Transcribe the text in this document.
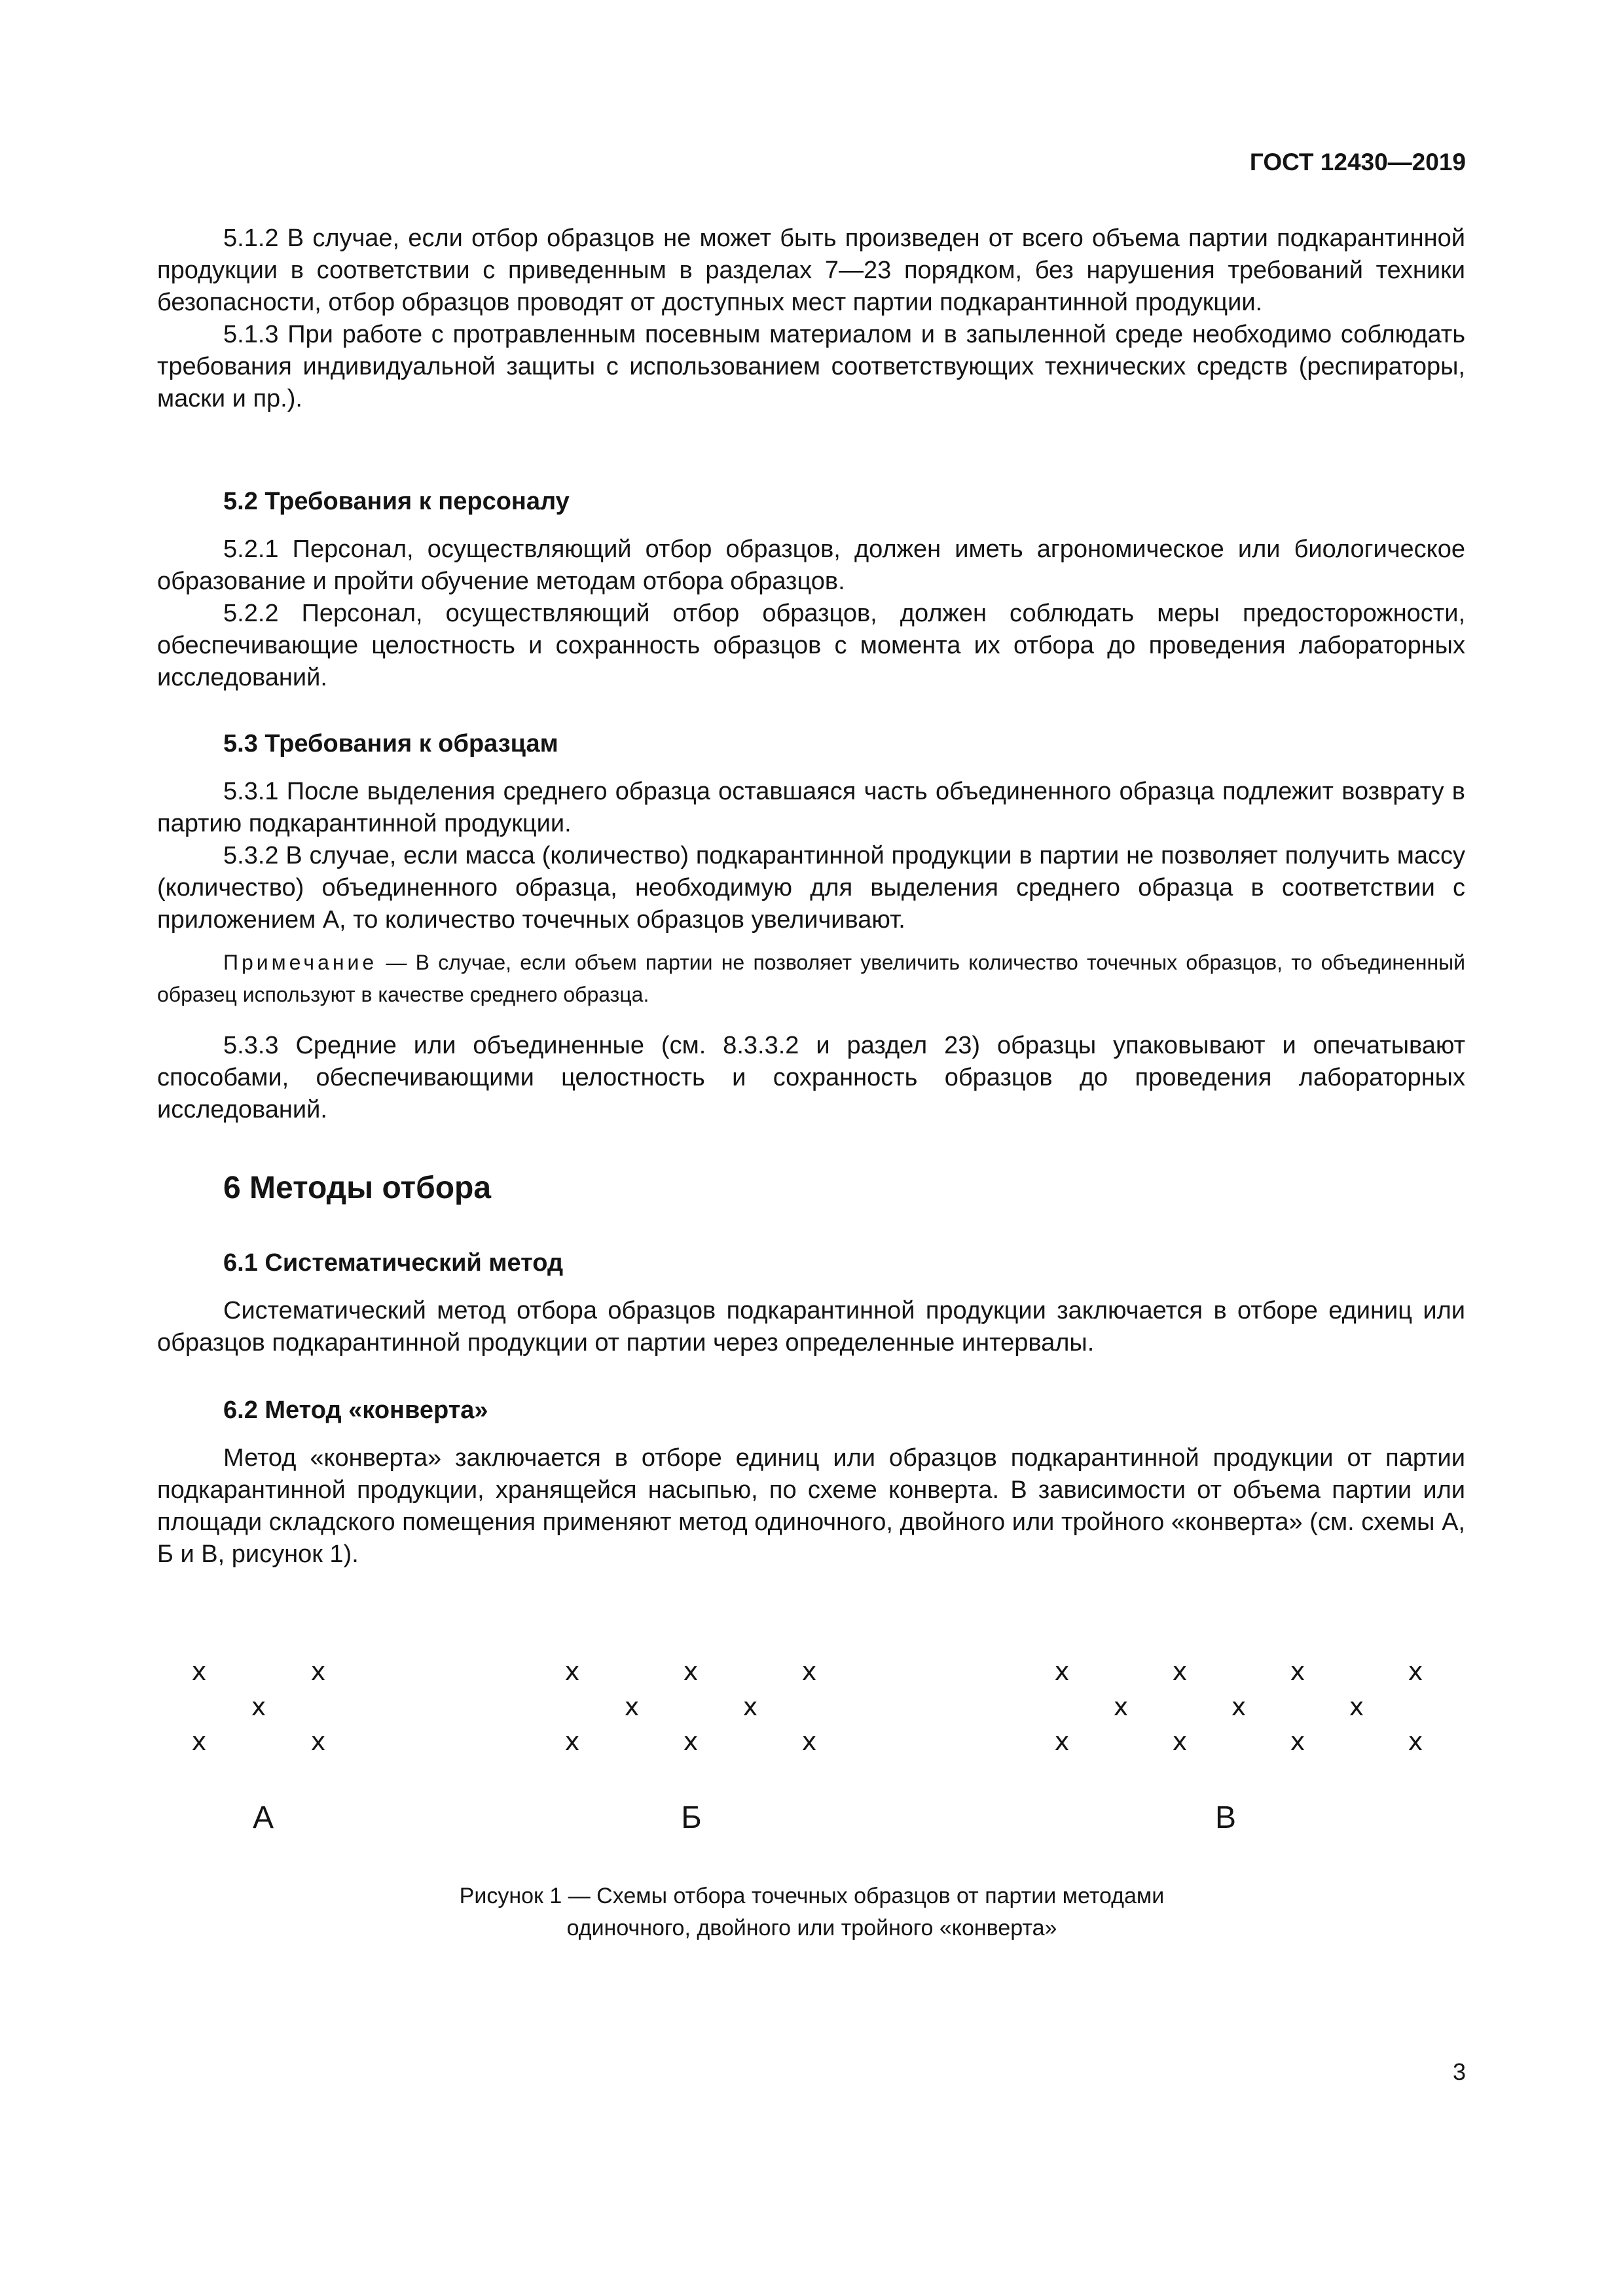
ГОСТ 12430—2019

5.1.2 В случае, если отбор образцов не может быть произведен от всего объема партии подкарантинной продукции в соответствии с приведенным в разделах 7—23 порядком, без нарушения требований техники безопасности, отбор образцов проводят от доступных мест партии подкарантинной продукции.

5.1.3 При работе с протравленным посевным материалом и в запыленной среде необходимо соблюдать требования индивидуальной защиты с использованием соответствующих технических средств (респираторы, маски и пр.).

5.2 Требования к персоналу

5.2.1 Персонал, осуществляющий отбор образцов, должен иметь агрономическое или биологическое образование и пройти обучение методам отбора образцов.

5.2.2 Персонал, осуществляющий отбор образцов, должен соблюдать меры предосторожности, обеспечивающие целостность и сохранность образцов с момента их отбора до проведения лабораторных исследований.

5.3 Требования к образцам

5.3.1 После выделения среднего образца оставшаяся часть объединенного образца подлежит возврату в партию подкарантинной продукции.

5.3.2 В случае, если масса (количество) подкарантинной продукции в партии не позволяет получить массу (количество) объединенного образца, необходимую для выделения среднего образца в соответствии с приложением А, то количество точечных образцов увеличивают.

Примечание — В случае, если объем партии не позволяет увеличить количество точечных образцов, то объединенный образец используют в качестве среднего образца.

5.3.3 Средние или объединенные (см. 8.3.3.2 и раздел 23) образцы упаковывают и опечатывают способами, обеспечивающими целостность и сохранность образцов до проведения лабораторных исследований.

6 Методы отбора
6.1 Систематический метод

Систематический метод отбора образцов подкарантинной продукции заключается в отборе единиц или образцов подкарантинной продукции от партии через определенные интервалы.

6.2 Метод «конверта»

Метод «конверта» заключается в отборе единиц или образцов подкарантинной продукции от партии подкарантинной продукции, хранящейся насыпью, по схеме конверта. В зависимости от объема партии или площади складского помещения применяют метод одиночного, двойного или тройного «конверта» (см. схемы А, Б и В, рисунок 1).

x	x
x
x	x
x	x	x
x	x
x	x	x
x	x	x	x
x	x	x
x	x	x	x
А	Б	В
Рисунок 1 — Схемы отбора точечных образцов от партии методами
одиночного, двойного или тройного «конверта»
3
